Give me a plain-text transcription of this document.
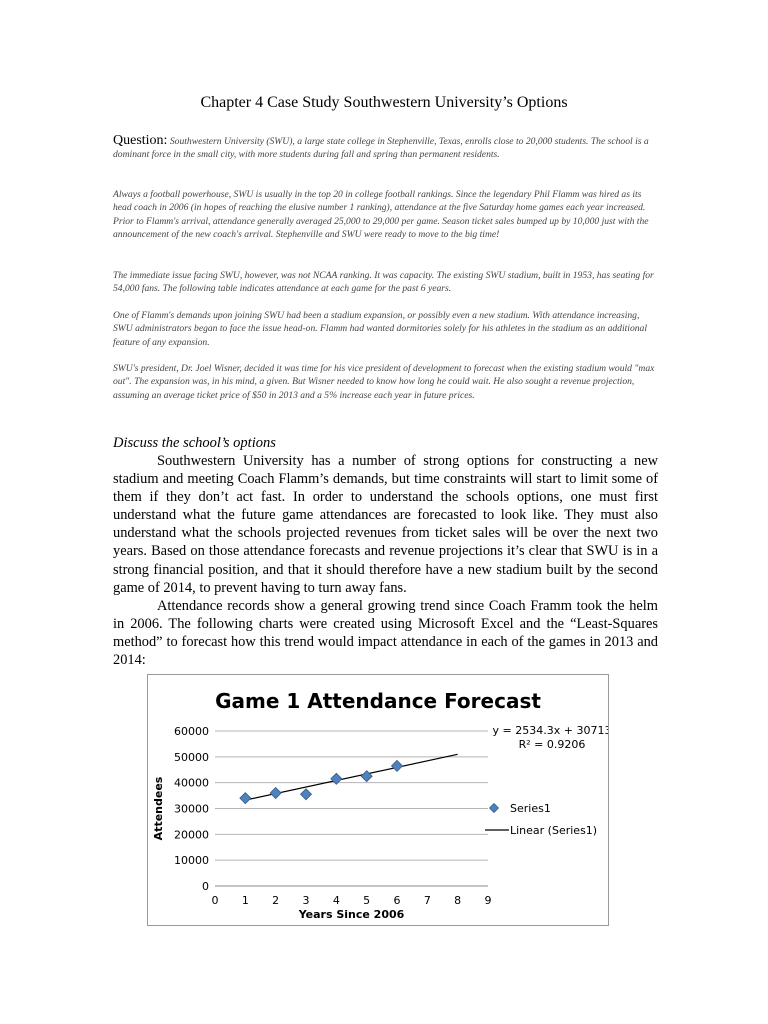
Chapter 4 Case Study Southwestern University’s Options
Question: Southwestern University (SWU), a large state college in Stephenville, Texas, enrolls close to 20,000 students. The school is a dominant force in the small city, with more students during fall and spring than permanent residents.
Always a football powerhouse, SWU is usually in the top 20 in college football rankings. Since the legendary Phil Flamm was hired as its head coach in 2006 (in hopes of reaching the elusive number 1 ranking), attendance at the five Saturday home games each year increased. Prior to Flamm's arrival, attendance generally averaged 25,000 to 29,000 per game. Season ticket sales bumped up by 10,000 just with the announcement of the new coach's arrival. Stephenville and SWU were ready to move to the big time!
The immediate issue facing SWU, however, was not NCAA ranking. It was capacity. The existing SWU stadium, built in 1953, has seating for 54,000 fans. The following table indicates attendance at each game for the past 6 years.
One of Flamm's demands upon joining SWU had been a stadium expansion, or possibly even a new stadium. With attendance increasing, SWU administrators began to face the issue head-on. Flamm had wanted dormitories solely for his athletes in the stadium as an additional feature of any expansion.
SWU's president, Dr. Joel Wisner, decided it was time for his vice president of development to forecast when the existing stadium would "max out". The expansion was, in his mind, a given. But Wisner needed to know how long he could wait. He also sought a revenue projection, assuming an average ticket price of $50 in 2013 and a 5% increase each year in future prices.
Discuss the school’s options

Southwestern University has a number of strong options for constructing a new stadium and meeting Coach Flamm’s demands, but time constraints will start to limit some of them if they don’t act fast. In order to understand the schools options, one must first understand what the future game attendances are forecasted to look like. They must also understand what the schools projected revenues from ticket sales will be over the next two years. Based on those attendance forecasts and revenue projections it’s clear that SWU is in a strong financial position, and that it should therefore have a new stadium built by the second game of 2014, to prevent having to turn away fans.

Attendance records show a general growing trend since Coach Framm took the helm in 2006. The following charts were created using Microsoft Excel and the “Least-Squares method” to forecast how this trend would impact attendance in each of the games in 2013 and 2014:

Game 1 Attendance Forecast
0
10000
20000
30000
40000
50000
60000
0 1 2 3 4 5 6 7 8 9
Years Since 2006
Attendees
y = 2534.3x + 30713
R² = 0.9206
Series1
Linear (Series1)
